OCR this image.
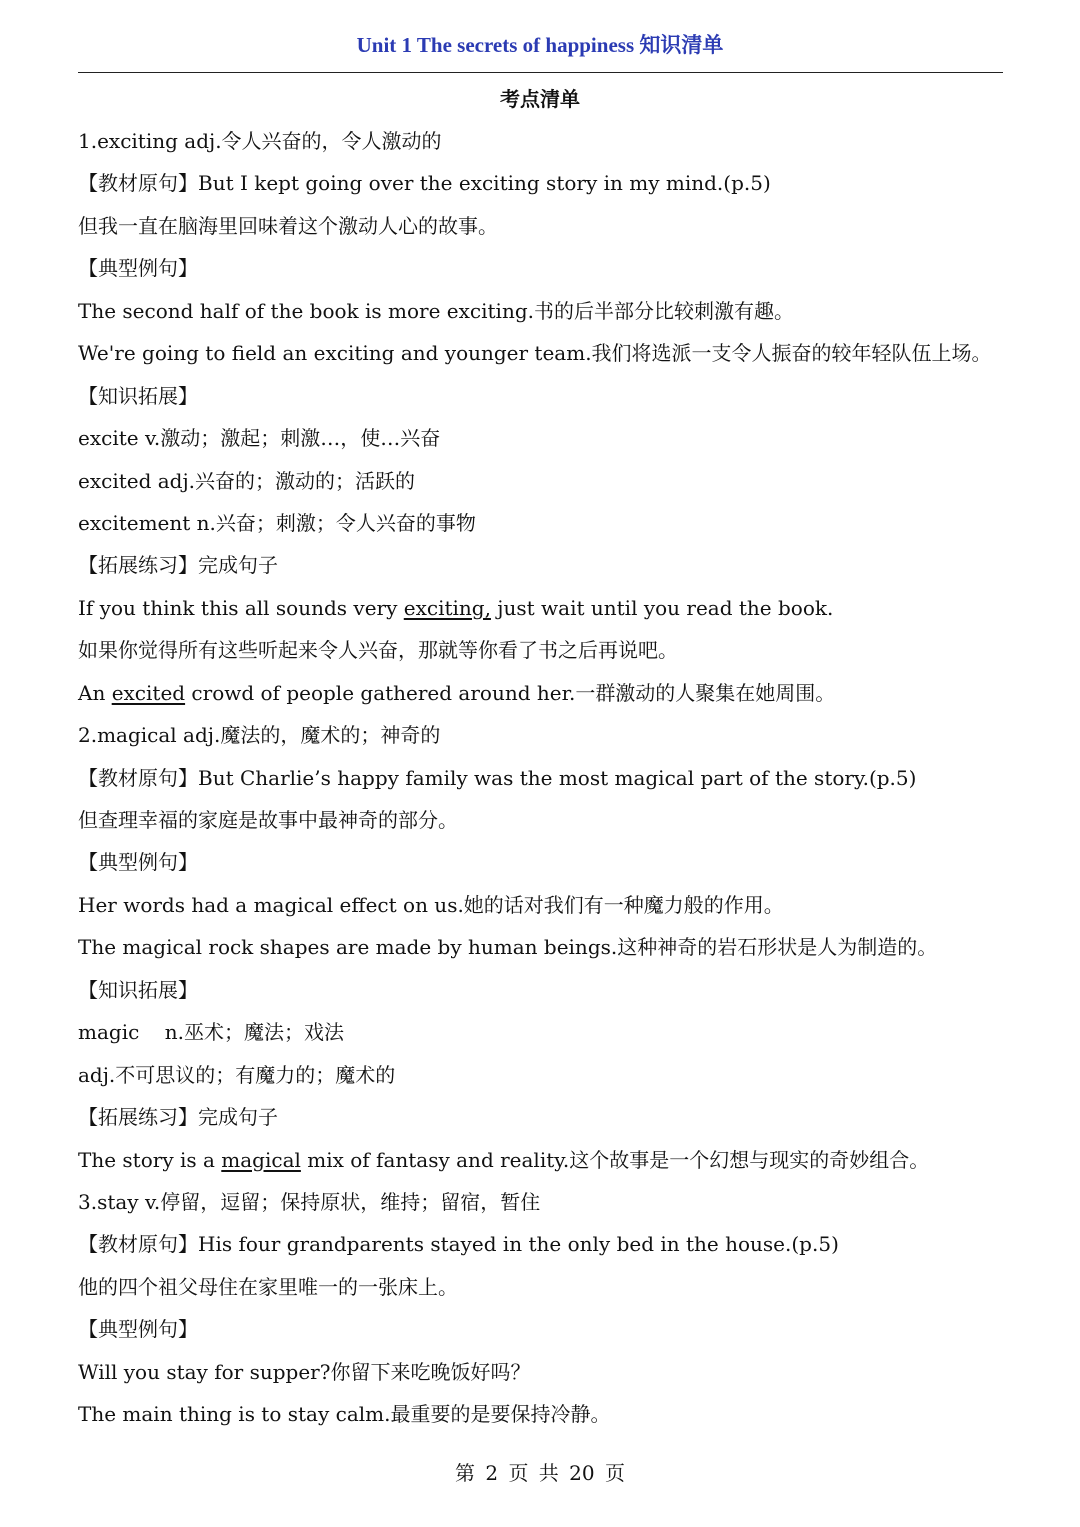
Unit 1 The secrets of happiness 知识清单
考点清单
1.exciting adj.令人兴奋的，令人激动的
【教材原句】But I kept going over the exciting story in my mind.(p.5)
但我一直在脑海里回味着这个激动人心的故事。
【典型例句】
The second half of the book is more exciting.书的后半部分比较刺激有趣。
We're going to field an exciting and younger team.我们将选派一支令人振奋的较年轻队伍上场。
【知识拓展】
excite v.激动；激起；刺激…，使…兴奋
excited adj.兴奋的；激动的；活跃的
excitement n.兴奋；刺激；令人兴奋的事物
【拓展练习】完成句子
If you think this all sounds very exciting, just wait until you read the book.
如果你觉得所有这些听起来令人兴奋，那就等你看了书之后再说吧。
An excited crowd of people gathered around her.一群激动的人聚集在她周围。
2.magical adj.魔法的，魔术的；神奇的
【教材原句】But Charlie’s happy family was the most magical part of the story.(p.5)
但查理幸福的家庭是故事中最神奇的部分。
【典型例句】
Her words had a magical effect on us.她的话对我们有一种魔力般的作用。
The magical rock shapes are made by human beings.这种神奇的岩石形状是人为制造的。
【知识拓展】
magic    n.巫术；魔法；戏法
adj.不可思议的；有魔力的；魔术的
【拓展练习】完成句子
The story is a magical mix of fantasy and reality.这个故事是一个幻想与现实的奇妙组合。
3.stay v.停留，逗留；保持原状，维持；留宿，暂住
【教材原句】His four grandparents stayed in the only bed in the house.(p.5)
他的四个祖父母住在家里唯一的一张床上。
【典型例句】
Will you stay for supper?你留下来吃晚饭好吗？
The main thing is to stay calm.最重要的是要保持冷静。
第 2 页 共 20 页
